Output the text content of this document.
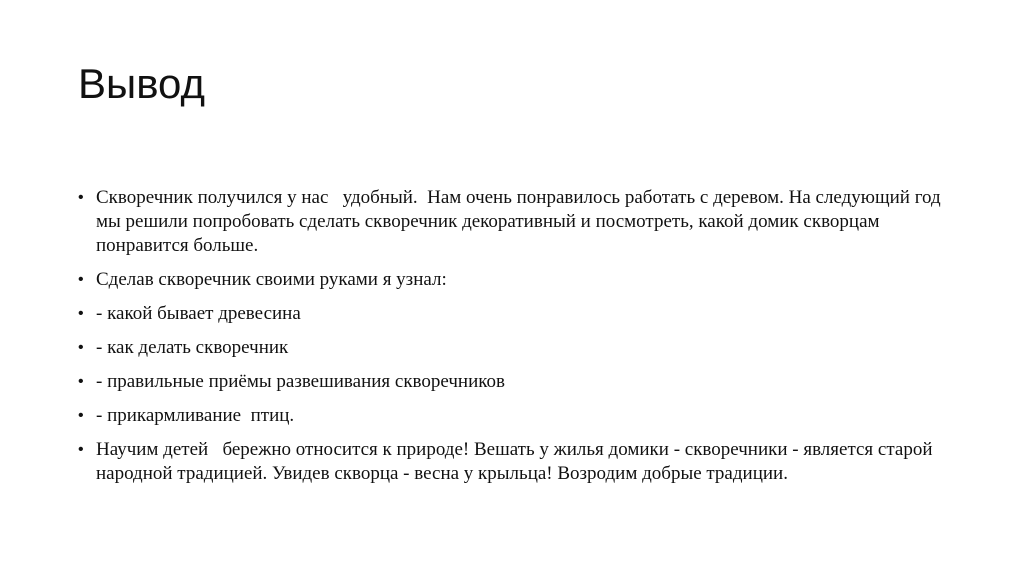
Вывод
• Скворечник получился у нас   удобный.  Нам очень понравилось работать с деревом. На следующий год мы решили попробовать сделать скворечник декоративный и посмотреть, какой домик скворцам понравится больше.
• Сделав скворечник своими руками я узнал:
• - какой бывает древесина
• - как делать скворечник
• - правильные приёмы развешивания скворечников
• - прикармливание  птиц.
• Научим детей   бережно относится к природе! Вешать у жилья домики - скворечники - является старой народной традицией. Увидев скворца - весна у крыльца! Возродим добрые традиции.
